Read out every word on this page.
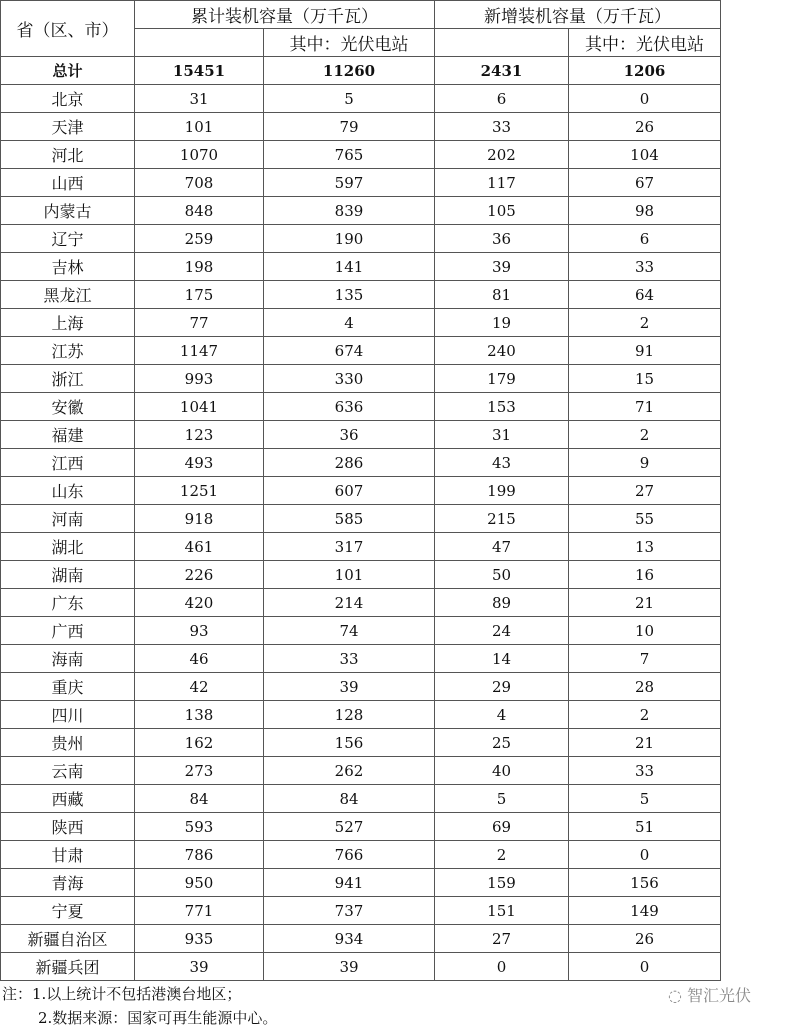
省（区、市）	累计装机容量（万千瓦）		新增装机容量（万千瓦）	
		其中：光伏电站		其中：光伏电站
总计	15451	11260	2431	1206
北京	31	5	6	0
天津	101	79	33	26
河北	1070	765	202	104
山西	708	597	117	67
内蒙古	848	839	105	98
辽宁	259	190	36	6
吉林	198	141	39	33
黑龙江	175	135	81	64
上海	77	4	19	2
江苏	1147	674	240	91
浙江	993	330	179	15
安徽	1041	636	153	71
福建	123	36	31	2
江西	493	286	43	9
山东	1251	607	199	27
河南	918	585	215	55
湖北	461	317	47	13
湖南	226	101	50	16
广东	420	214	89	21
广西	93	74	24	10
海南	46	33	14	7
重庆	42	39	29	28
四川	138	128	4	2
贵州	162	156	25	21
云南	273	262	40	33
西藏	84	84	5	5
陕西	593	527	69	51
甘肃	786	766	2	0
青海	950	941	159	156
宁夏	771	737	151	149
新疆自治区	935	934	27	26
新疆兵团	39	39	0	0
注：1.以上统计不包括港澳台地区；
2.数据来源：国家可再生能源中心。
◌ 智汇光伏
